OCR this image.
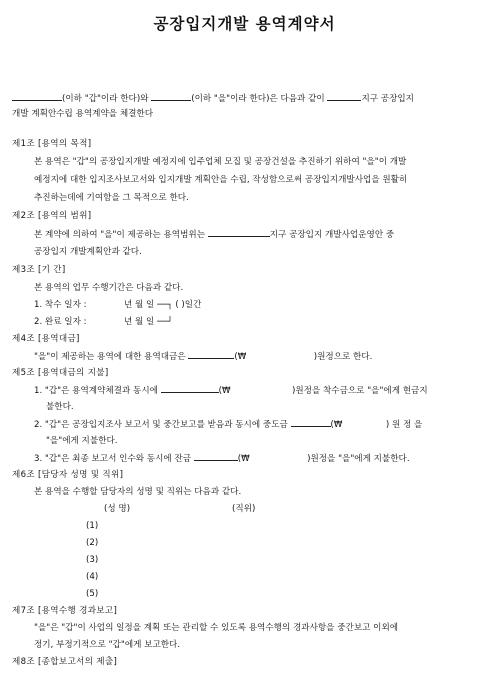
공장입지개발 용역계약서
(이하 "갑"이라 한다)와	(이하 "을"이라 한다)은 다음과 같이	지구 공장입지
개발 계획안수립 용역계약을 체결한다
제1조 [용역의 목적]
본 용역은 "갑"의 공장입지개발 예정지에 입주업체 모집 및 공장건설을 추진하기 위하여 "을"이 개발
예정지에 대한 입지조사보고서와 입지개발 계획안을 수립, 작성함으로써 공장입지개발사업을 원활히
추진하는데에 기여함을 그 목적으로 한다.
제2조 [용역의 범위]
본 계약에 의하여 "을"이 제공하는 용역범위는	지구 공장입지 개발사업운영안 중
공장입지 개발계획안과 같다.
제3조 [기 간]
본 용역의 업무 수행기간은 다음과 같다.
1. 착수 일자 :	년 월 일 ──┐ ( )일간
2. 완료 일자 :	년 월 일 ──┘
제4조 [용역대금]
"을"이 제공하는 용역에 대한 용역대금은	(₩	)원정으로 한다.
제5조 [용역대금의 지불]
1. "갑"은 용역계약체결과 동시에	(₩	)원정을 착수금으로 "을"에게 현금지
불한다.
2. "갑"은 공장입지조사 보고서 및 중간보고를 받음과 동시에 중도금	(₩	) 원 정 을
"을"에게 지불한다.
3. "갑"은 최종 보고서 인수와 동시에 잔금	(₩	)원정을 "을"에게 지불한다.
제6조 [담당자 성명 및 직위]
본 용역을 수행할 담당자의 성명 및 직위는 다음과 같다.
(성 명)	(직위)
(1)
(2)
(3)
(4)
(5)
제7조 [용역수행 경과보고]
"을"은 "갑"이 사업의 일정을 계획 또는 관리할 수 있도록 용역수행의 경과사항을 중간보고 이외에
정기, 부정기적으로 "갑"에게 보고한다.
제8조 [종합보고서의 제출]
